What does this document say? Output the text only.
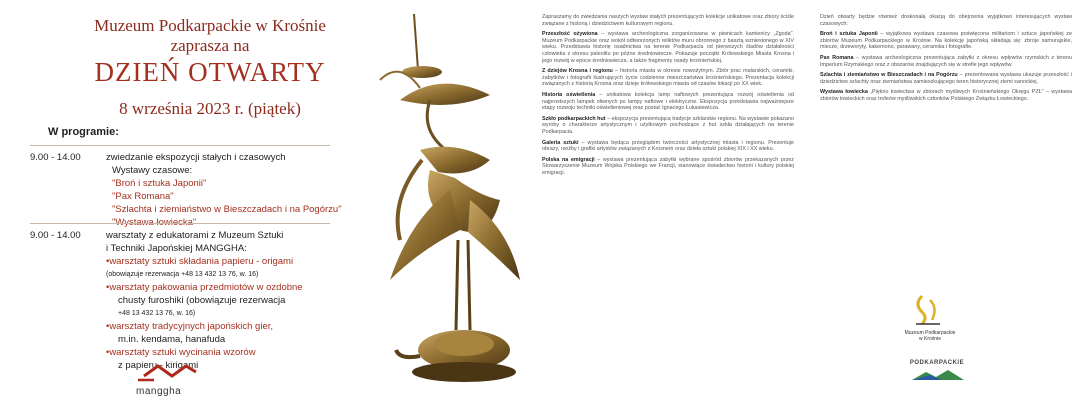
Muzeum Podkarpackie w Krośnie
zaprasza na
DZIEŃ OTWARTY
8 września 2023 r. (piątek)
W programie:
9.00 - 14.00	zwiedzanie ekspozycji stałych i czasowych
Wystawy czasowe:
"Broń i sztuka Japonii"
"Pax Romana"
"Szlachta i ziemiaństwo w Bieszczadach i na Pogórzu"
"Wystawa łowiecka"
9.00 - 14.00	warsztaty z edukatorami z Muzeum Sztuki
i Techniki Japońskiej MANGGHA:
•warsztaty sztuki składania papieru - origami
(obowiązuje rezerwacja +48 13 432 13 76, w. 16)
•warsztaty pakowania przedmiotów w ozdobne
chusty furoshiki (obowiązuje rezerwacja
+48 13 432 13 76, w. 16)
•warsztaty tradycyjnych japońskich gier,
m.in. kendama, hanafuda
•warsztaty sztuki wycinania wzorów
z papieru - kirigami
manggha

Zapraszamy do zwiedzania naszych wystaw stałych prezentujących kolekcje unikatowe oraz zbiory ściśle związane z historią i dziedzictwem kulturowym regionu.

Przeszłość ożywiona – wystawa archeologiczna zorganizowana w piwnicach kamienicy „Zgoda". Muzeum Podkarpackie oraz wokół odtworzonych reliktów muru obronnego z basztą wzniesionego w XIV wieku. Przedstawia historię osadnictwa na terenie Podkarpacia od pierwszych śladów działalności człowieka z okresu paleolitu po późne średniowiecze. Pokazuje początki Królewskiego Miasta Krosna i jego rozwój w epoce średniowiecza, a także fragmenty osady krośnieńskiej.

Z dziejów Krosna i regionu – historia miasta w okresie nowożytnym. Zbiór prac malarskich, ceramiki, zabytków i fotografii ilustrujących życie codzienne mieszczaństwa krośnieńskiego. Prezentacja kolekcji związanych z historią Krosna oraz dzieje królewskiego miasta od czasów lokacji po XX wiek.

Historia oświetlenia – unikatowa kolekcja lamp naftowych prezentująca rozwój oświetlenia od najprostszych lampek oliwnych po lampy naftowe i elektryczne. Ekspozycja przedstawia najważniejsze etapy rozwoju techniki oświetleniowej oraz postać Ignacego Łukasiewicza.

Szkło podkarpackich hut – ekspozycja prezentująca tradycje szklarskie regionu. Na wystawie pokazano wyroby o charakterze artystycznym i użytkowym pochodzące z hut szkła działających na terenie Podkarpacia.

Galeria sztuki – wystawa będąca przeglądem twórczości artystycznej miasta i regionu. Prezentuje obrazy, rzeźby i grafiki artystów związanych z Krosnem oraz dzieła sztuki polskiej XIX i XX wieku.

Polska na emigracji – wystawa prezentująca zabytki wybrane spośród zbiorów przekazanych przez Stowarzyszenie Muzeum Wojska Polskiego we Francji, stanowiące świadectwo historii i kultury polskiej emigracji.

Dzień otwarty będzie również doskonałą okazją do obejrzenia wyjątkowo interesujących wystaw czasowych:

Broń i sztuka Japonii – wyjątkowa wystawa czasowa poświęcona militariom i sztuce japońskiej ze zbiorów Muzeum Podkarpackiego w Krośnie. Na kolekcję japońską składają się: zbroje samurajskie, miecze, drzeworyty, kakemono, parawany, ceramika i fotografie.

Pax Romana – wystawa archeologiczna prezentująca zabytki z okresu wpływów rzymskich z terenu Imperium Rzymskiego oraz z obszarów znajdujących się w strefie jego wpływów.

Szlachta i ziemiaństwo w Bieszczadach i na Pogórzu – prezentowana wystawa ukazuje przeszłość i dziedzictwo szlachty oraz ziemiaństwa zamieszkującego teren historycznej ziemi sanockiej.

Wystawa łowiecka „Piękno łowiectwa w zbiorach myśliwych Krośnieńskiego Okręgu PZŁ" – wystawa zbiorów łowieckich oraz trofeów myśliwskich członków Polskiego Związku Łowieckiego.

Muzeum Podkarpackie
w Krośnie
PODKARPACKIE
